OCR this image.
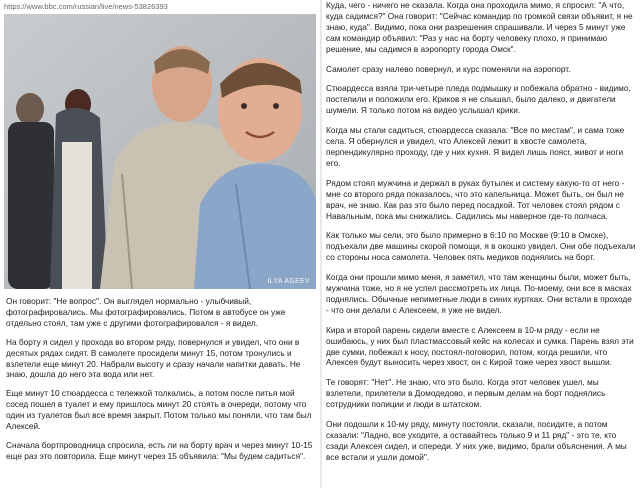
https://www.bbc.com/russian/live/news-53826393
ILYA AGEEV

Он говорит: "Не вопрос". Он выглядел нормально - улыбчивый, фотографировались. Мы фотографировались. Потом в автобусе он уже отдельно стоял, там уже с другими фотографировался - я видел.

На борту я сидел у прохода во втором ряду, повернулся и увидел, что они в десятых рядах сидят. В самолете просидели минут 15, потом тронулись и взлетели еще минут 20. Набрали высоту и сразу начали напитки давать. Не знаю, дошла до него эта вода или нет.

Еще минут 10 стюардесса с тележкой толкались, а потом после питья мой сосед пошел в туалет и ему пришлось минут 20 стоять в очереди, потому что один из туалетов был все время закрыт. Потом только мы поняли, что там был Алексей.

Сначала бортпроводница спросила, есть ли на борту врач и через минут 10-15 еще раз это повторила. Еще минут через 15 объявила: "Мы будем садиться".

Куда, чего - ничего не сказала. Когда она проходила мимо, я спросил: "А что, куда садимся?" Она говорит: "Сейчас командир по громкой связи объявит, я не знаю, куда". Видимо, пока они разрешения спрашивали. И через 5 минут уже сам командир объявил: "Раз у нас на борту человеку плохо, я принимаю решение, мы садимся в аэропорту города Омск".

Самолет сразу налево повернул, и курс поменяли на аэропорт.

Стюардесса взяла три-четыре пледа подмышку и побежала обратно - видимо, постелили и положили его. Криков я не слышал, было далеко, и двигатели шумели. Я только потом на видео услышал крики.

Когда мы стали садиться, стюардесса сказала: "Все по местам", и сама тоже села. Я обернулся и увидел, что Алексей лежит в хвосте самолета, перпендикулярно проходу, где у них кухня. Я видел лишь поясr, живот и ноги его.

Рядом стоял мужчина и держал в руках бутылек и систему какую-то от него - мне со второго ряда показалось, что это капельница. Может быть, он был не врач, не знаю. Как раз это было перед посадкой. Тот человек стоял рядом с Навальным, пока мы снижались. Садились мы наверное где-то полчаса.

Как только мы сели, это было примерно в 6:10 по Москве (9:10 в Омске), подъехали две машины скорой помощи, я в окошко увидел. Они обе подъехали со стороны носа самолета. Человек пять медиков поднялись на борт.

Когда они прошли мимо меня, я заметил, что там женщины были, может быть, мужчина тоже, но я не успел рассмотреть их лица. По-моему, они все в масках поднялись. Обычные непиметные люди в синих куртках. Они встали в проходе - что они делали с Алексеем, я уже не видел.

Кира и второй парень сидели вместе с Алексеем в 10-м ряду - если не ошибаюсь, у них был пластмассовый кейс на колесах и сумка. Парень взял эти две сумки, побежал к носу, постоял-поговорил, потом, когда решили, что Алексея будут выносить через хвост, он с Кирой тоже через хвост вышли.

Те говорят: "Нет". Не знаю, что это было. Когда этот человек ушел, мы взлетели, прилетели в Домодедово, и первым делам на борт поднялись сотрудники полиции и люди в штатском.

Они подошли к 10-му ряду, минуту постояли, сказали, посидите, а потом сказали: "Ладно, все уходите, а оставайтесь только 9 и 11 ряд" - это те, кто сзади Алексея сидел, и спереди. У них уже, видимо, брали объяснения. А мы все встали и ушли домой".
